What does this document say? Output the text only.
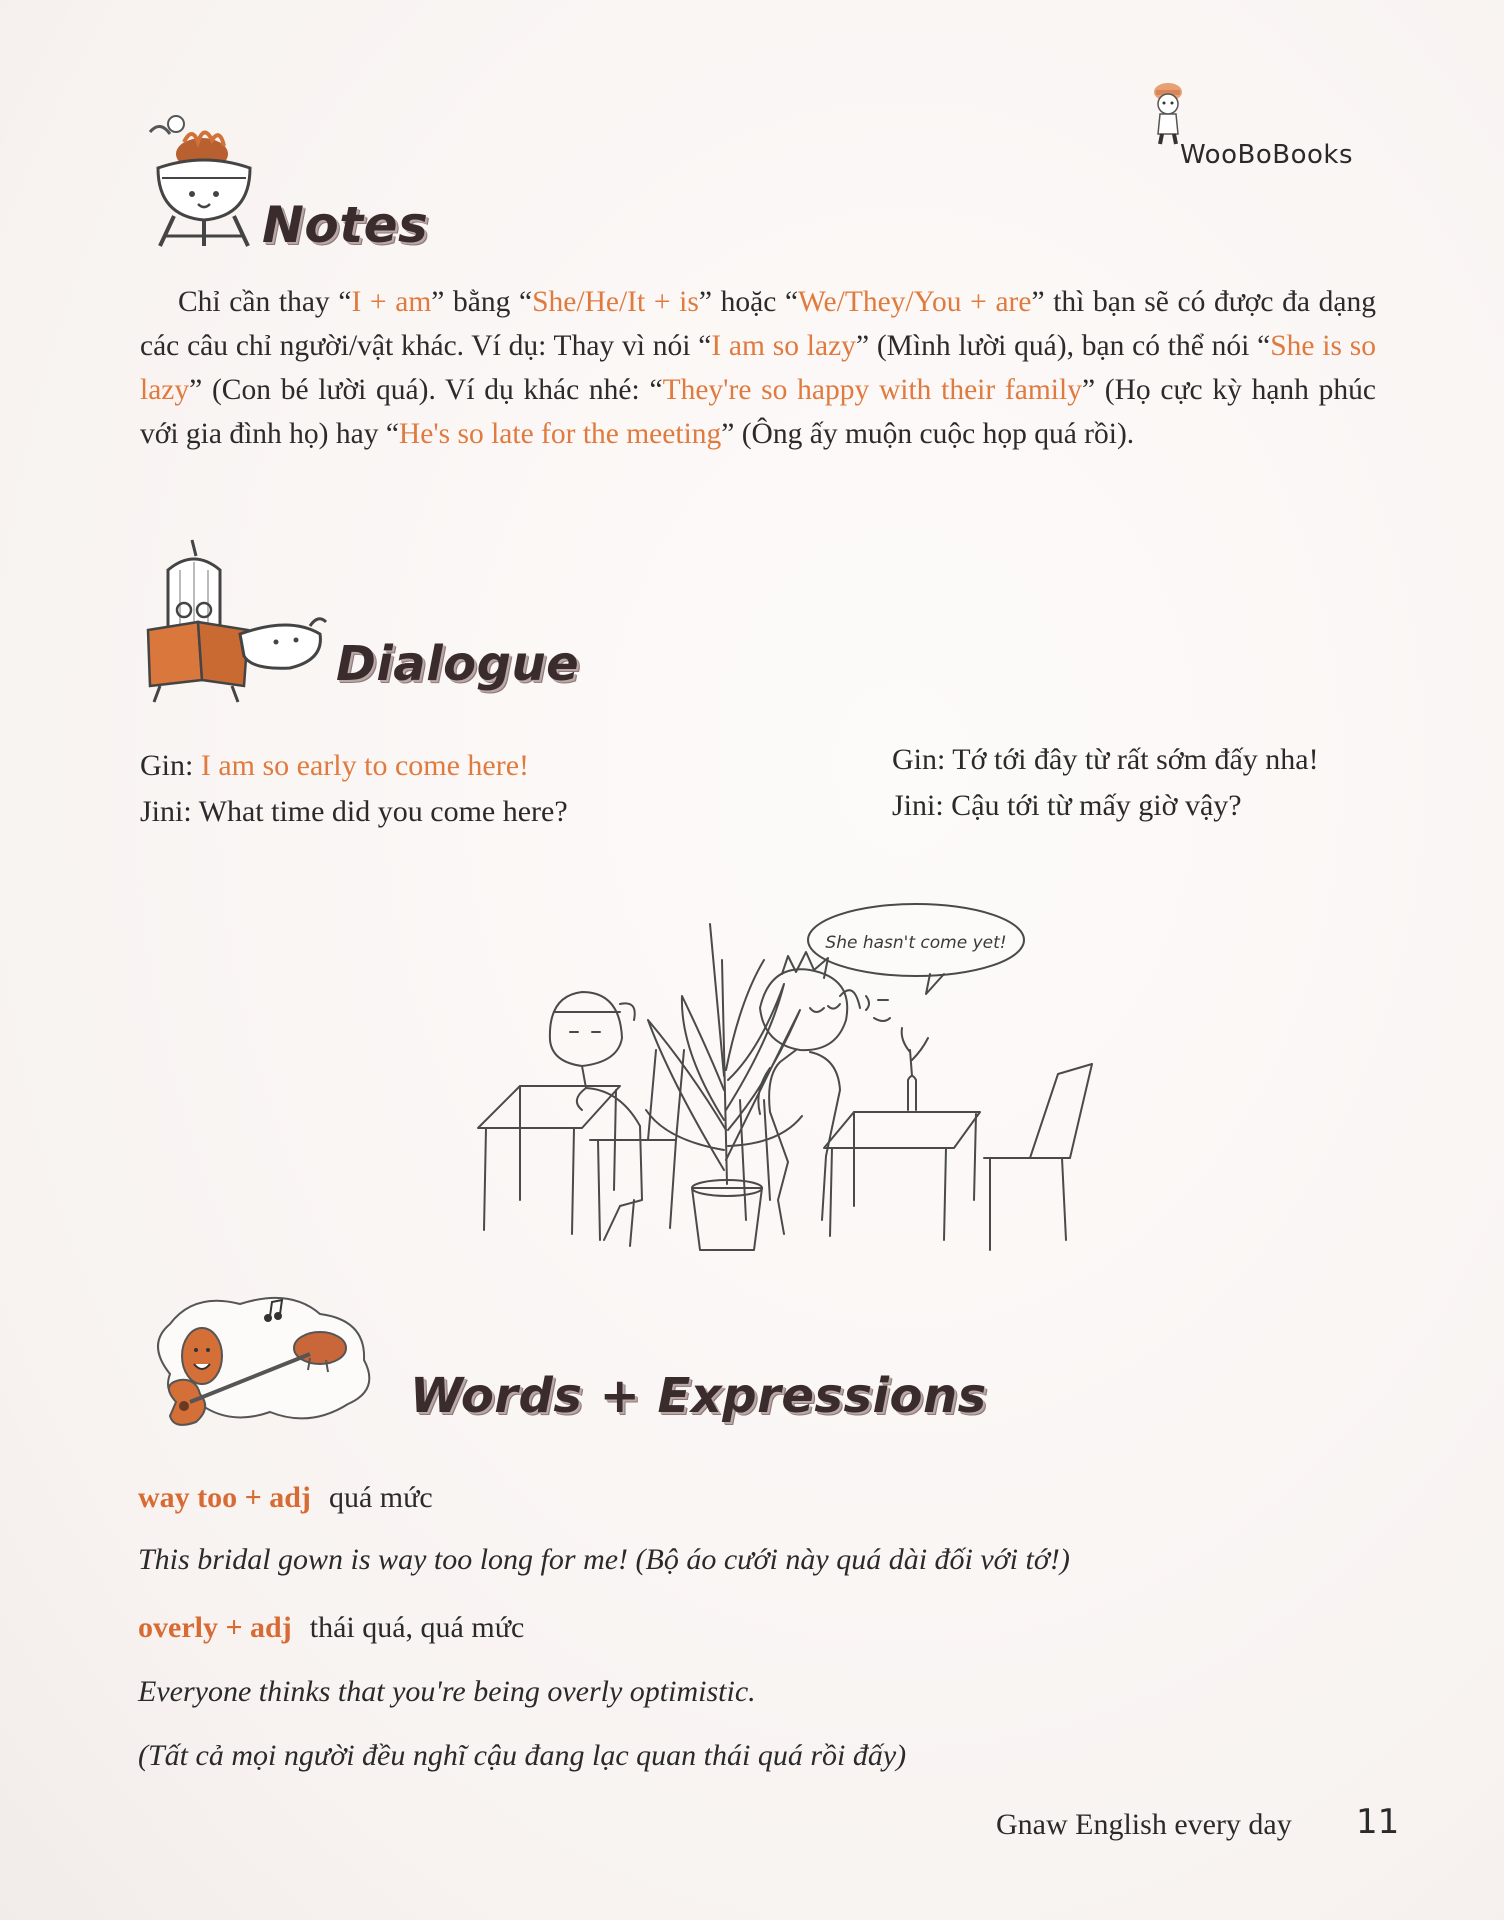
WooBoBooks
Notes

Chỉ cần thay “I + am” bằng “She/He/It + is” hoặc “We/They/You + are” thì bạn sẽ có được đa dạng các câu chỉ người/vật khác. Ví dụ: Thay vì nói “I am so lazy” (Mình lười quá), bạn có thể nói “She is so lazy” (Con bé lười quá). Ví dụ khác nhé: “They're so happy with their family” (Họ cực kỳ hạnh phúc với gia đình họ) hay “He's so late for the meeting” (Ông ấy muộn cuộc họp quá rồi).

Dialogue
Gin: I am so early to come here!
Jini: What time did you come here?
Gin: Tớ tới đây từ rất sớm đấy nha!
Jini: Cậu tới từ mấy giờ vậy?
She hasn't come yet!
Words + Expressions
way too + adj quá mức
This bridal gown is way too long for me! (Bộ áo cưới này quá dài đối với tớ!)
overly + adj thái quá, quá mức
Everyone thinks that you're being overly optimistic.
(Tất cả mọi người đều nghĩ cậu đang lạc quan thái quá rồi đấy)
Gnaw English every day 11
